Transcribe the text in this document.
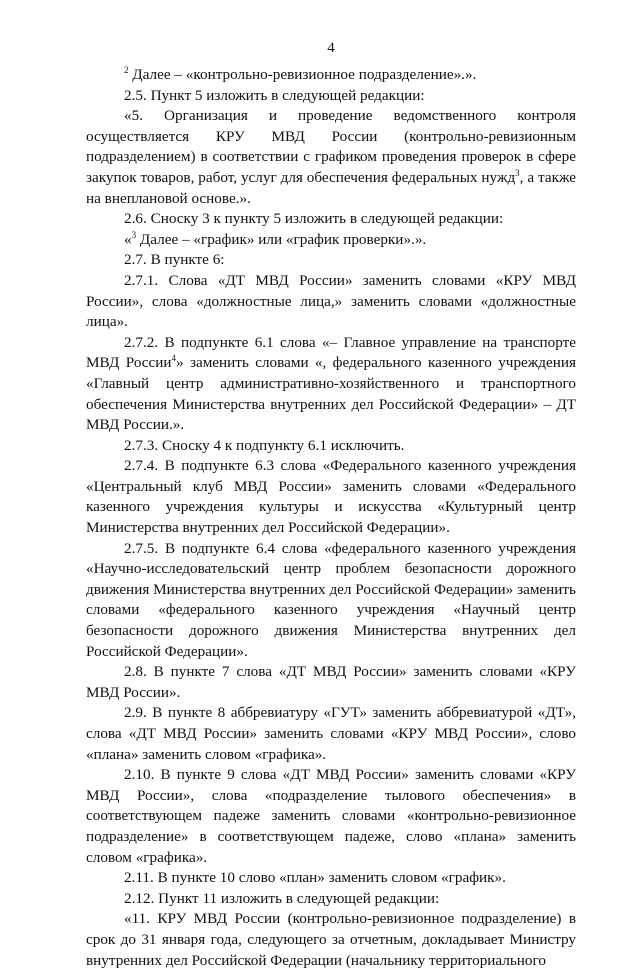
4

$^2$ Далее – «контрольно-ревизионное подразделение».».

2.5. Пункт 5 изложить в следующей редакции:

«5. Организация и проведение ведомственного контроля осуществляется КРУ МВД России (контрольно-ревизионным подразделением) в соответствии с графиком проведения проверок в сфере закупок товаров, работ, услуг для обеспечения федеральных нужд$^3$, а также на внеплановой основе.».

2.6. Сноску 3 к пункту 5 изложить в следующей редакции:

«$^3$ Далее – «график» или «график проверки».».

2.7. В пункте 6:

2.7.1. Слова «ДТ МВД России» заменить словами «КРУ МВД России», слова «должностные лица,» заменить словами «должностные лица».

2.7.2. В подпункте 6.1 слова «– Главное управление на транспорте МВД России$^4$» заменить словами «, федерального казенного учреждения «Главный центр административно-хозяйственного и транспортного обеспечения Министерства внутренних дел Российской Федерации» – ДТ МВД России.».

2.7.3. Сноску 4 к подпункту 6.1 исключить.

2.7.4. В подпункте 6.3 слова «Федерального казенного учреждения «Центральный клуб МВД России» заменить словами «Федерального казенного учреждения культуры и искусства «Культурный центр Министерства внутренних дел Российской Федерации».

2.7.5. В подпункте 6.4 слова «федерального казенного учреждения «Научно-исследовательский центр проблем безопасности дорожного движения Министерства внутренних дел Российской Федерации» заменить словами «федерального казенного учреждения «Научный центр безопасности дорожного движения Министерства внутренних дел Российской Федерации».

2.8. В пункте 7 слова «ДТ МВД России» заменить словами «КРУ МВД России».

2.9. В пункте 8 аббревиатуру «ГУТ» заменить аббревиатурой «ДТ», слова «ДТ МВД России» заменить словами «КРУ МВД России», слово «плана» заменить словом «графика».

2.10. В пункте 9 слова «ДТ МВД России» заменить словами «КРУ МВД России», слова «подразделение тылового обеспечения» в соответствующем падеже заменить словами «контрольно-ревизионное подразделение» в соответствующем падеже, слово «плана» заменить словом «графика».

2.11. В пункте 10 слово «план» заменить словом «график».

2.12. Пункт 11 изложить в следующей редакции:

«11. КРУ МВД России (контрольно-ревизионное подразделение) в срок до 31 января года, следующего за отчетным, докладывает Министру внутренних дел Российской Федерации (начальнику территориального
